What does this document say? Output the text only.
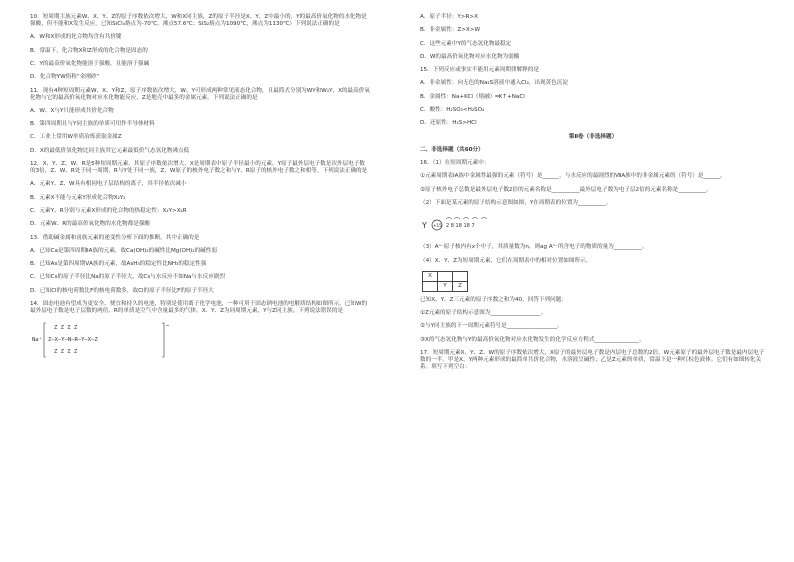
10．短周期主族元素W、X、Y、Z的原子序数依次增大，W和X同主族，Z的原子半径是X、Y、Z中最小的，Y的最高价氧化物的水化物是强酸，但不能和X发生反应。已知SiCl₄熔点为-70℃，沸点57.6℃；SiS₂熔点为1090℃，沸点为1130℃）下列说法正确的是
A．W和X形成的化合物均含有共价键
B．常温下，化合物X和Z形成的化合物是固态的
C．Y的最高价氧化物能溶于强酸，且能溶于强碱
D．化合物YW俗称“金刚砂”
11．现有4种短周期元素W、X、Y和Z，原子序数依次增大，W、Y可形成两种常见液态化合物，且最简式分别为WY和W₂Y，X的最高价氧化物与它的最高价氧化物对应水化物能反应，Z是地壳中最多的金属元素。下列说法正确的是
A．W、X与Y只能形成共价化合物
B．第四周期且与Y同主族的单质可用作半导体材料
C．工业上常用W单质冶炼获取金属Z
D．X的最低价氢化物比同主族其它元素最低价气态氢化物沸点低
12．X、Y、Z、W、R是5种短周期元素，其原子序数依次增大。X是周期表中原子半径最小的元素，Y原子最外层电子数是次外层电子数的3倍，Z、W、R处于同一周期，R与Y处于同一族，Z、W原子的核外电子数之和与Y、R原子的核外电子数之和相等。下列说法正确的是
A．元素Y、Z、W具有相同电子层结构的离子，其半径依次减小
B．元素X不能与元素Y形成化合物X₂Y₂
C．元素Y、R分别与元素X形成的化合物的热稳定性：X₂Y>X₂R
D．元素W、R的最高价氧化物的水化物都是强酸
13．借助碱金属和卤族元素的递变性分析下面的推断，其中正确的是
A．已知Ca是第四周期ⅡA族的元素，故Ca(OH)₂的碱性比Mg(OH)₂的碱性弱
B．已知As是第四周期ⅤA族的元素，故AsH₃的稳定性比NH₃的稳定性强
C．已知Cs的原子半径比Na的原子半径大，故Cs与水反应不如Na与水反应剧烈
D．已知Cl的核电荷数比F的核电荷数多，故Cl的原子半径比F的原子半径大
14．固态电池有望成为更安全、便宜和持久的电池，特别是使用离子化学电池，一种可用于固态钠电池的电解质结构如图所示，已知W的最外层电子数是电子层数的两倍，R的单质是空气中含量最多的气体，X、Y、Z为同周期元素，Y与Z同主族。下列说法错误的是
Na⁺
Z Z Z Z
Z—X—Y—N—R—Y—X—Z
Z Z Z Z
−
A．原子半径：Y>R>X
B．非金属性：Z>X>W
C．这些元素中Y的气态氢化物最稳定
D．W的最高价氧化物对应水化物为弱酸
15．下列反应或事实不能用元素周期律解释的是
A．非金属性：向无色的Na₂S溶液中通入Cl₂，出现黄色沉淀
B．金属性：Na+KCl（熔融）═K↑+NaCl
C．酸性：H₂SO₃<H₂SO₄
D．还原性：H₂S>HCl
第Ⅱ卷（非选择题）
二、非选择题（共60分）
16．（1）在短周期元素中：
①元素周期表ⅠA族中金属性最强的元素（符号）是______，与水反应的最剧烈的ⅦA族中的非金属元素的（符号）是______。
②原子核外电子总数是最外层电子数2倍的元素名称是__________最外层电子数为电子层2倍的元素名称是__________。
（2）下面是某元素的原子结构示意图如图，Y在周期表的位置为__________。
Y +15 2 8 18 18 7
（3）Aⁿ⁻原子核内有x个中子，其质量数为n，则ag Aⁿ⁻所含电子的物质的量为__________。
（4）X、Y、Z为短周期元素，它们在周期表中的相对位置如图所示。
X		
	Y	Z
已知X、Y、Z三元素的原子序数之和为40，回答下列问题：
①Z元素的原子结构示意图为__________________。
②与Y同主族的下一周期元素符号是__________________。
③X的气态氢化物与Y的最高价氧化物对应水化物发生的化学反应方程式________________。
17．短周期元素X、Y、Z、W的原子序数依次增大，X原子的最外层电子数是内层电子总数的2倍，W元素原子的最外层电子数是最内层电子数的一半。甲是X、Y两种元素形成的最简单共价化合物，水溶液呈碱性；乙是Z元素的单质，常温下是一种红棕色液体。它们有如图转化关系。填写下列空白：
